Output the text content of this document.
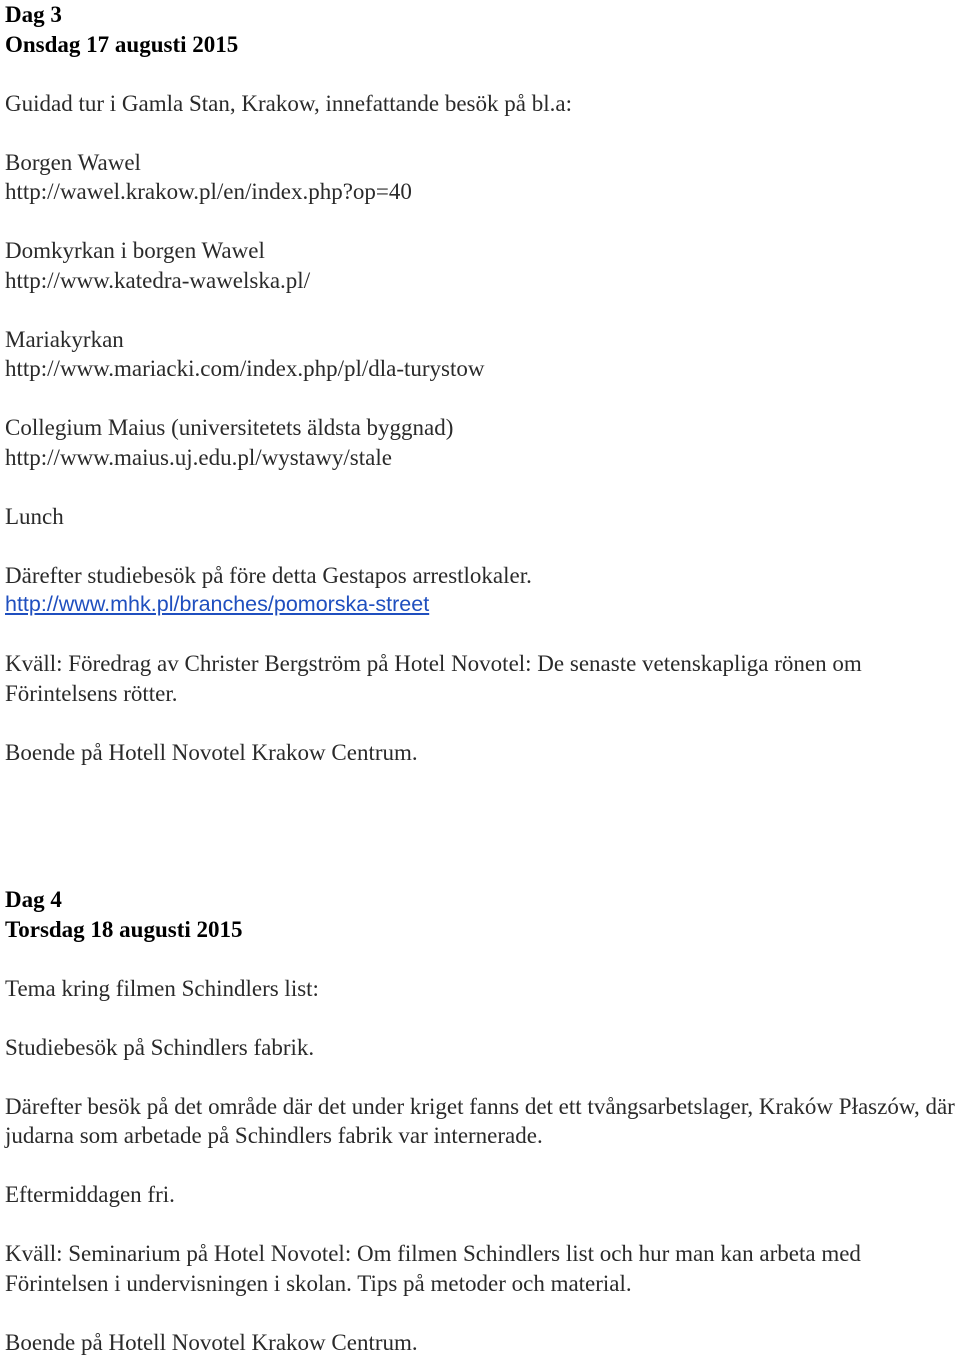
Dag 3
Onsdag 17 augusti 2015
Guidad tur i Gamla Stan, Krakow, innefattande besök på bl.a:
Borgen Wawel
http://wawel.krakow.pl/en/index.php?op=40
Domkyrkan i borgen Wawel
http://www.katedra-wawelska.pl/
Mariakyrkan
http://www.mariacki.com/index.php/pl/dla-turystow
Collegium Maius (universitetets äldsta byggnad)
http://www.maius.uj.edu.pl/wystawy/stale
Lunch
Därefter studiebesök på före detta Gestapos arrestlokaler.
http://www.mhk.pl/branches/pomorska-street
Kväll: Föredrag av Christer Bergström på Hotel Novotel: De senaste vetenskapliga rönen om Förintelsens rötter.
Boende på Hotell Novotel Krakow Centrum.
Dag 4
Torsdag 18 augusti 2015
Tema kring filmen Schindlers list:
Studiebesök på Schindlers fabrik.
Därefter besök på det område där det under kriget fanns det ett tvångsarbetslager, Kraków Płaszów, där judarna som arbetade på Schindlers fabrik var internerade.
Eftermiddagen fri.
Kväll: Seminarium på Hotel Novotel: Om filmen Schindlers list och hur man kan arbeta med Förintelsen i undervisningen i skolan. Tips på metoder och material.
Boende på Hotell Novotel Krakow Centrum.
